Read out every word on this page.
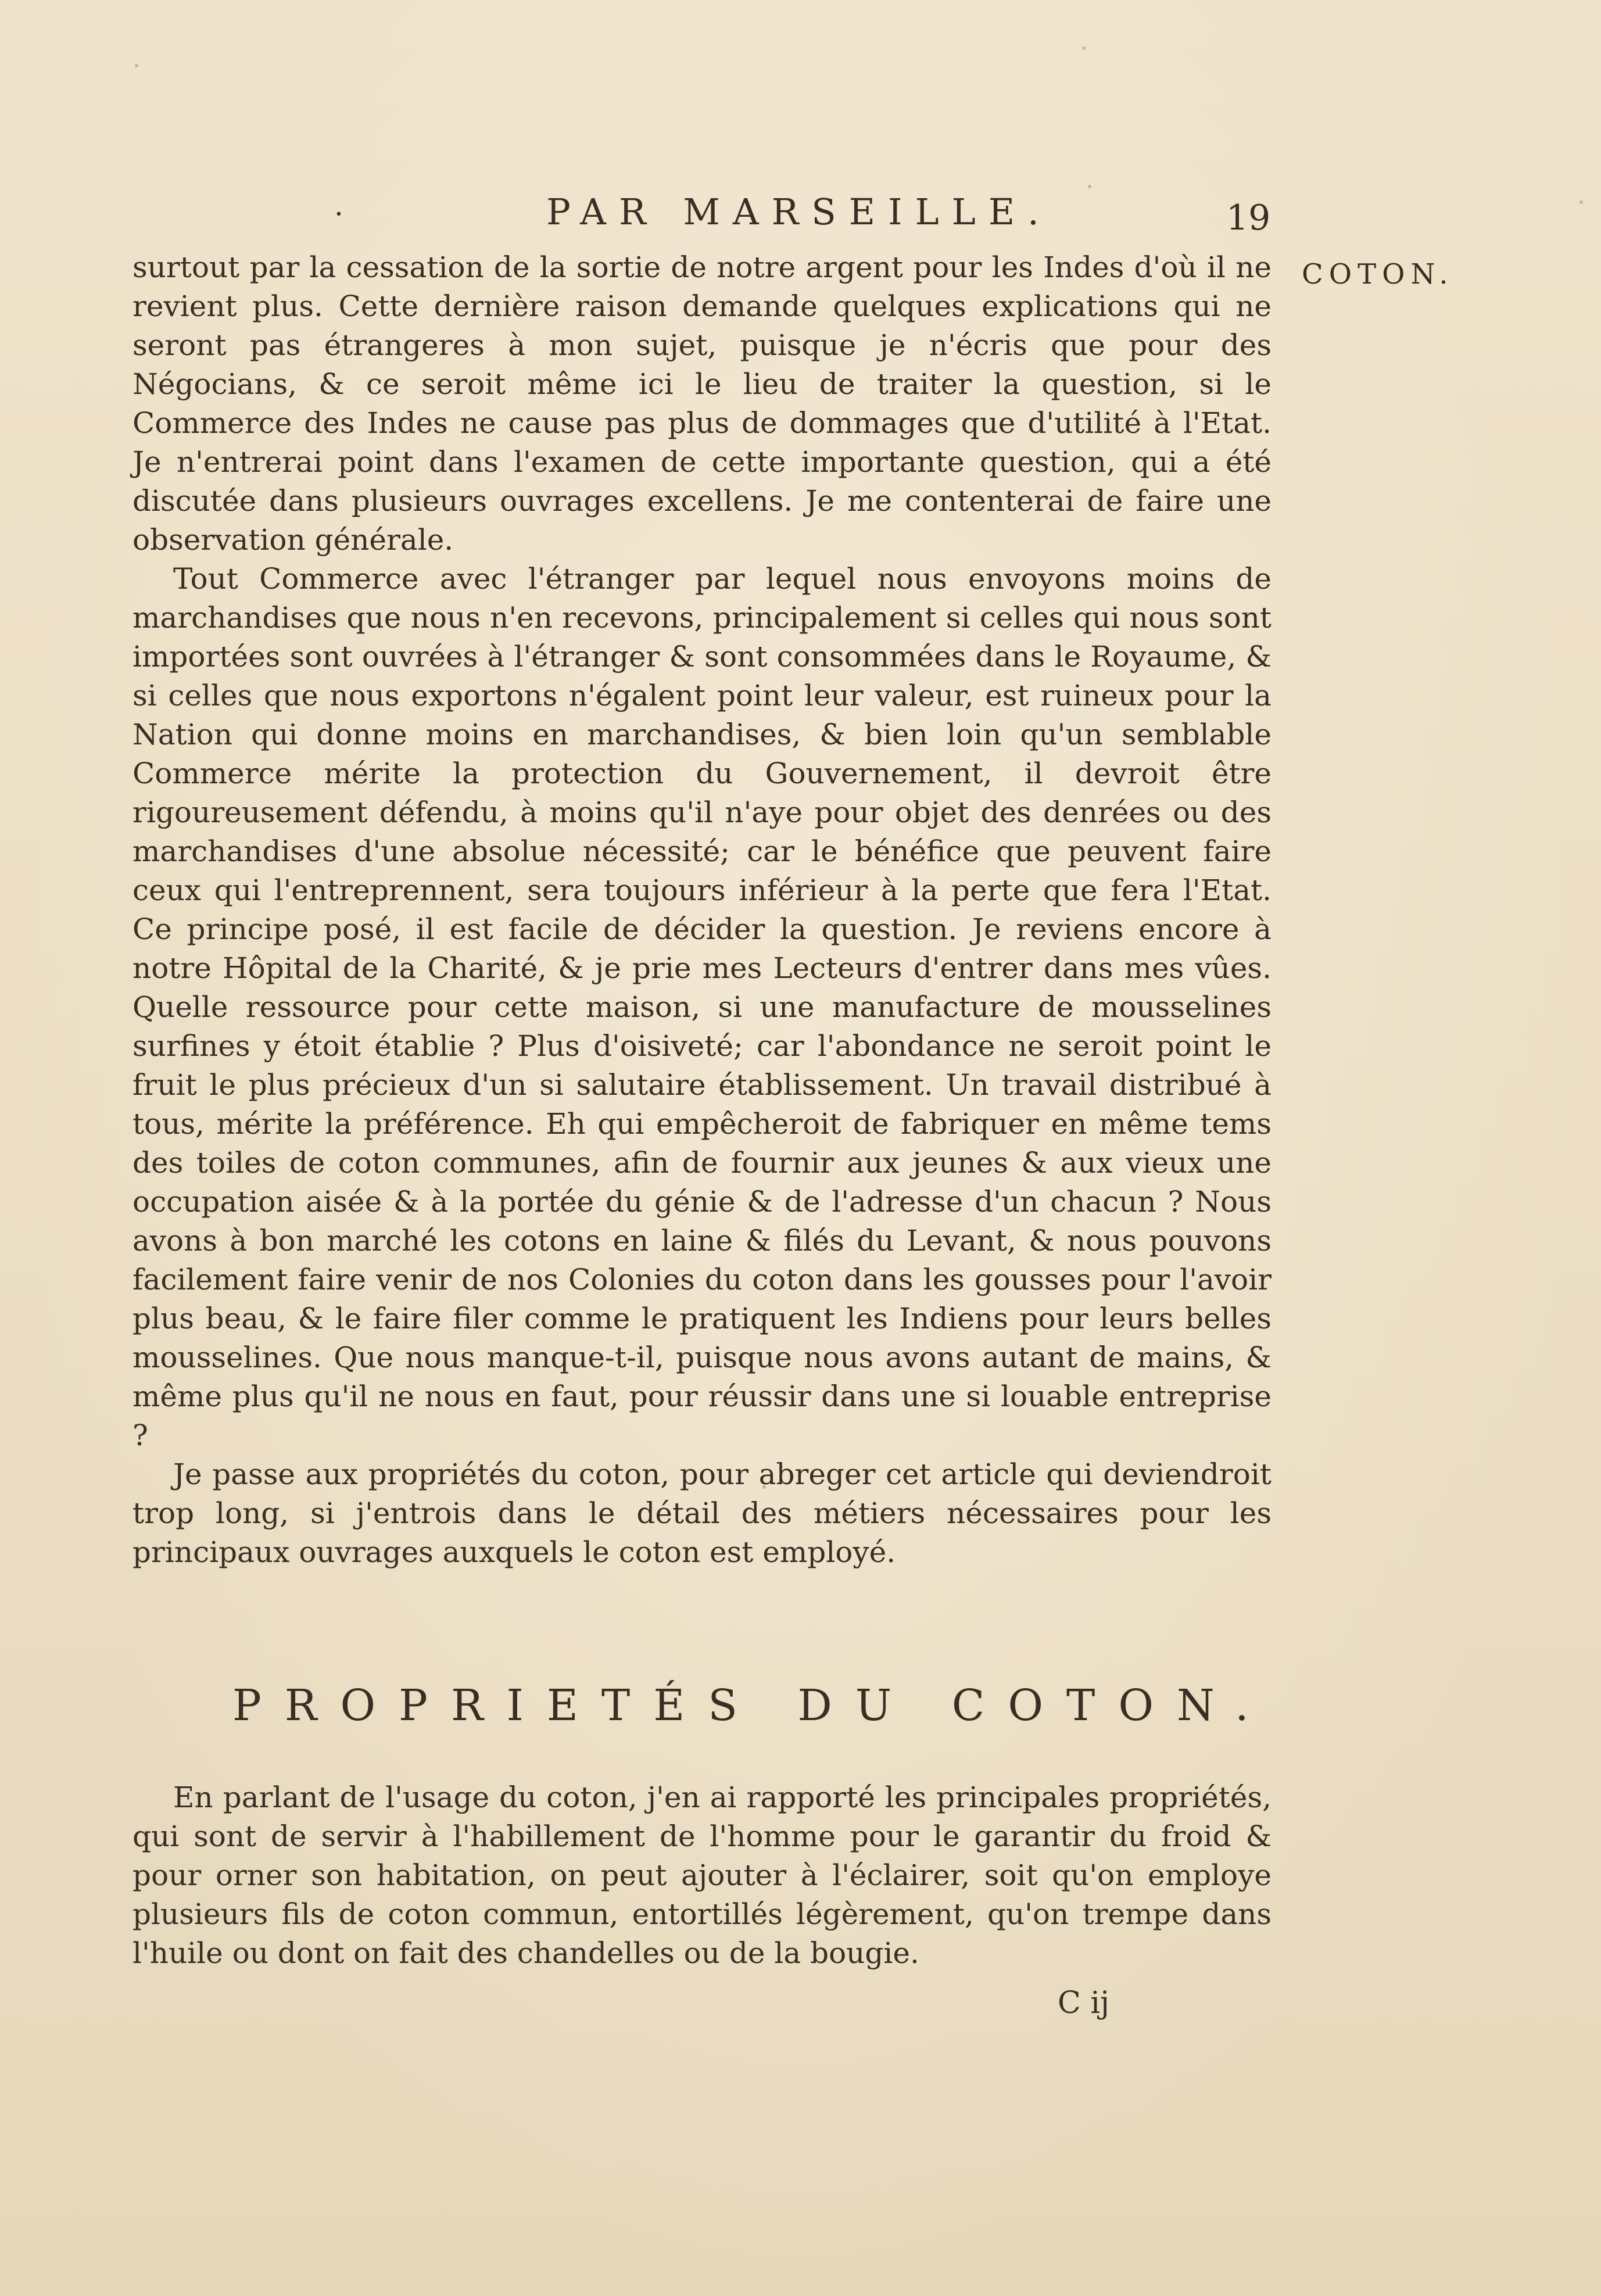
·	PAR MARSEILLE.	19
COTON.

surtout par la cessation de la sortie de notre argent pour les Indes d'où il ne revient plus. Cette dernière raison demande quelques explications qui ne seront pas étrangeres à mon sujet, puisque je n'écris que pour des Négocians, & ce seroit même ici le lieu de traiter la question, si le Commerce des Indes ne cause pas plus de dommages que d'utilité à l'Etat. Je n'entrerai point dans l'examen de cette importante question, qui a été discutée dans plusieurs ouvrages excellens. Je me contenterai de faire une observation générale.

Tout Commerce avec l'étranger par lequel nous envoyons moins de marchandises que nous n'en recevons, principalement si celles qui nous sont importées sont ouvrées à l'étranger & sont consommées dans le Royaume, & si celles que nous exportons n'égalent point leur valeur, est ruineux pour la Nation qui donne moins en marchandises, & bien loin qu'un semblable Commerce mérite la protection du Gouvernement, il devroit être rigoureusement défendu, à moins qu'il n'aye pour objet des denrées ou des marchandises d'une absolue nécessité; car le bénéfice que peuvent faire ceux qui l'entreprennent, sera toujours inférieur à la perte que fera l'Etat. Ce principe posé, il est facile de décider la question. Je reviens encore à notre Hôpital de la Charité, & je prie mes Lecteurs d'entrer dans mes vûes. Quelle ressource pour cette maison, si une manufacture de mousselines surfines y étoit établie ? Plus d'oisiveté; car l'abondance ne seroit point le fruit le plus précieux d'un si salutaire établissement. Un travail distribué à tous, mérite la préférence. Eh qui empêcheroit de fabriquer en même tems des toiles de coton communes, afin de fournir aux jeunes & aux vieux une occupation aisée & à la portée du génie & de l'adresse d'un chacun ? Nous avons à bon marché les cotons en laine & filés du Levant, & nous pouvons facilement faire venir de nos Colonies du coton dans les gousses pour l'avoir plus beau, & le faire filer comme le pratiquent les Indiens pour leurs belles mousselines. Que nous manque-t-il, puisque nous avons autant de mains, & même plus qu'il ne nous en faut, pour réussir dans une si louable entreprise ?

Je passe aux propriétés du coton, pour abreger cet article qui deviendroit trop long, si j'entrois dans le détail des métiers nécessaires pour les principaux ouvrages auxquels le coton est employé.

PROPRIETÉS DU COTON.

En parlant de l'usage du coton, j'en ai rapporté les principales propriétés, qui sont de servir à l'habillement de l'homme pour le garantir du froid & pour orner son habitation, on peut ajouter à l'éclairer, soit qu'on employe plusieurs fils de coton commun, entortillés légèrement, qu'on trempe dans l'huile ou dont on fait des chandelles ou de la bougie.

C ij
